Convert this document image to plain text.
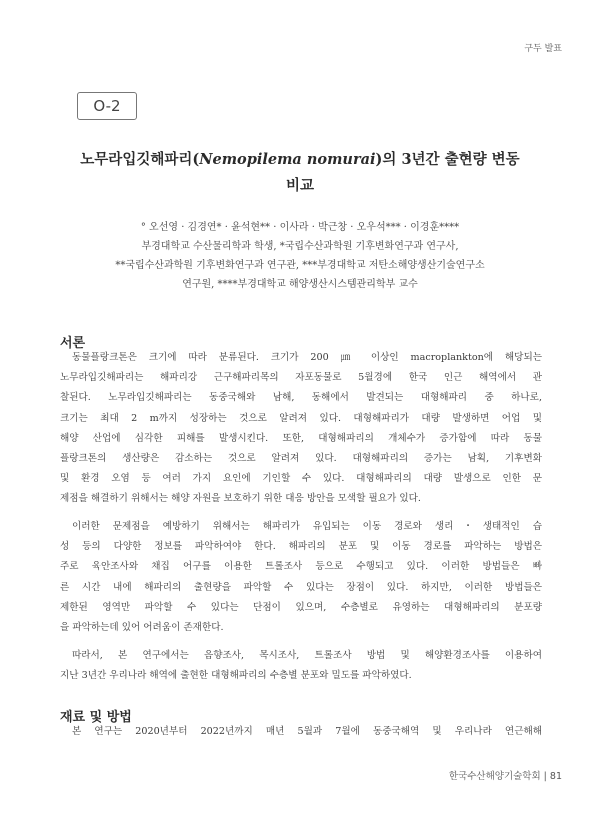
구두 발표
O-2
노무라입깃해파리(Nemopilema nomurai)의 3년간 출현량 변동
비교
° 오선영 · 김경연* · 윤석현** · 이사라 · 박근창 · 오우석*** · 이경훈****
부경대학교 수산물리학과 학생, *국립수산과학원 기후변화연구과 연구사,
**국립수산과학원 기후변화연구과 연구관, ***부경대학교 저탄소해양생산기술연구소
연구원, ****부경대학교 해양생산시스템관리학부 교수
서론
동물플랑크톤은 크기에 따라 분류된다. 크기가 200 ㎛ 이상인 macroplankton에 해당되는
노무라입깃해파리는 해파리강 근구해파리목의 자포동물로 5월경에 한국 인근 해역에서 관
찰된다. 노무라입깃해파리는 동중국해와 남해, 동해에서 발견되는 대형해파리 중 하나로,
크기는 최대 2 m까지 성장하는 것으로 알려져 있다. 대형해파리가 대량 발생하면 어업 및
해양 산업에 심각한 피해를 발생시킨다. 또한, 대형해파리의 개체수가 증가함에 따라 동물
플랑크톤의 생산량은 감소하는 것으로 알려져 있다. 대형해파리의 증가는 남획, 기후변화
및 환경 오염 등 여러 가지 요인에 기인할 수 있다. 대형해파리의 대량 발생으로 인한 문
제점을 해결하기 위해서는 해양 자원을 보호하기 위한 대응 방안을 모색할 필요가 있다.
이러한 문제점을 예방하기 위해서는 해파리가 유입되는 이동 경로와 생리・생태적인 습
성 등의 다양한 정보를 파악하여야 한다. 해파리의 분포 및 이동 경로를 파악하는 방법은
주로 육안조사와 채집 어구를 이용한 트롤조사 등으로 수행되고 있다. 이러한 방법들은 빠
른 시간 내에 해파리의 출현량을 파악할 수 있다는 장점이 있다. 하지만, 이러한 방법들은
제한된 영역만 파악할 수 있다는 단점이 있으며, 수층별로 유영하는 대형해파리의 분포량
을 파악하는데 있어 어려움이 존재한다.
따라서, 본 연구에서는 음향조사, 목시조사, 트롤조사 방법 및 해양환경조사를 이용하여
지난 3년간 우리나라 해역에 출현한 대형해파리의 수층별 분포와 밀도를 파악하였다.
재료 및 방법
본 연구는 2020년부터 2022년까지 매년 5월과 7월에 동중국해역 및 우리나라 연근해해
한국수산해양기술학회 | 81
